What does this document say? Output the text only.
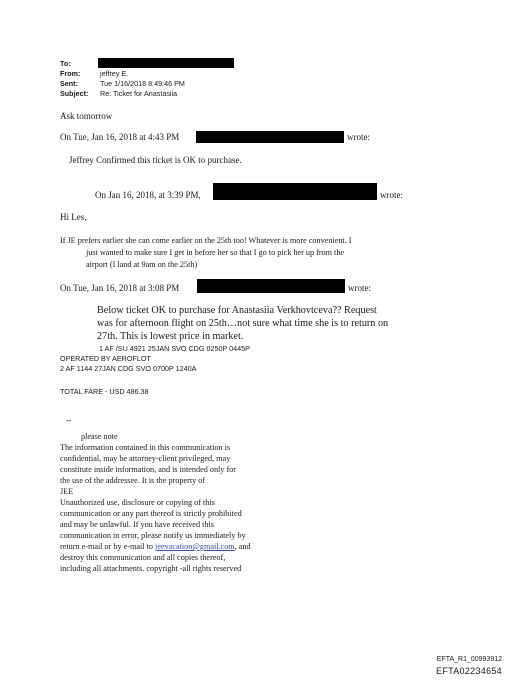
To:
From:	jeffrey E.
Sent:	Tue 1/16/2018 8:49:46 PM
Subject: Re: Ticket for Anastasiia
Ask tomorrow
On Tue, Jan 16, 2018 at 4:43 PM	wrote:
Jeffrey Confirmed this ticket is OK to purchase.
On Jan 16, 2018, at 3:39 PM,	wrote:
Hi Les,
If JE prefers earlier she can come earlier on the 25th too! Whatever is more convenient. I
just wanted to make sure I get in before her so that I go to pick her up from the
airport (I land at 9am on the 25th)
On Tue, Jan 16, 2018 at 3:08 PM	wrote:
Below ticket OK to purchase for Anastasiia Verkhovtceva?? Request
was for afternoon flight on 25th…not sure what time she is to return on
27th. This is lowest price in market.
1 AF /SU 4921 25JAN SVO CDG 0250P 0445P
OPERATED BY AEROFLOT
2 AF 1144 27JAN CDG SVO 0700P 1240A
TOTAL FARE - USD 486.38
--
please note
The information contained in this communication is
confidential, may be attorney-client privileged, may
constitute inside information, and is intended only for
the use of the addressee. It is the property of
JEE
Unauthorized use, disclosure or copying of this
communication or any part thereof is strictly prohibited
and may be unlawful. If you have received this
communication in error, please notify us immediately by
return e-mail or by e-mail to jeevacation@gmail.com, and
destroy this communication and all copies thereof,
including all attachments. copyright -all rights reserved
EFTA_R1_00993912
EFTA02234654
